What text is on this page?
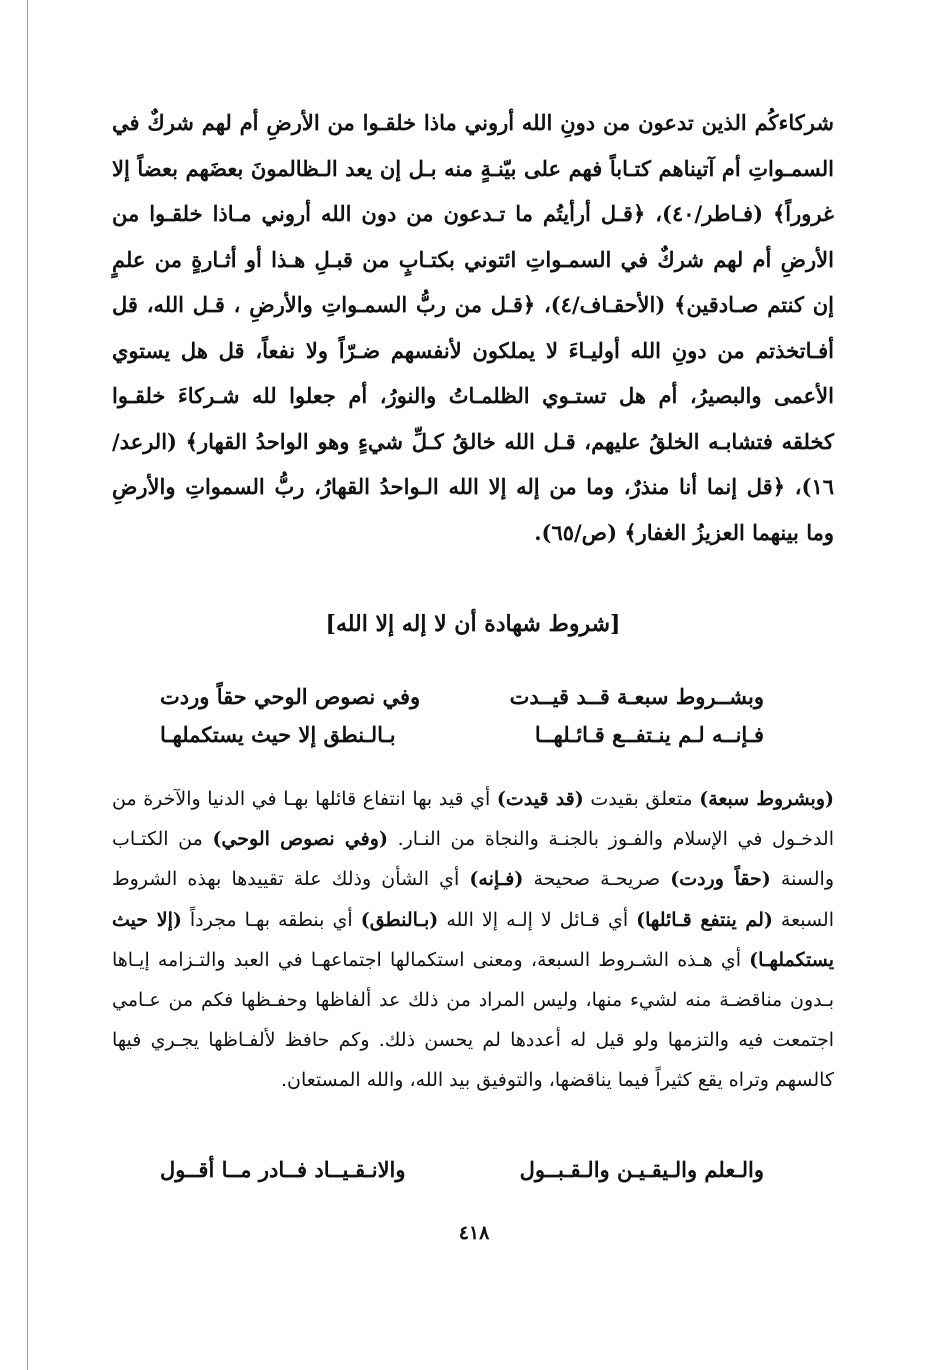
شركاءكُم الذين تدعون من دونِ الله أروني ماذا خلقـوا من الأرضِ أم لهم شركٌ في السمـواتِ أم آتيناهم كتـاباً فهم على بيّنـةٍ منه بـل إن يعد الـظالمونَ بعضَهم بعضاً إلا غروراً﴾ (فـاطر/٤٠)، ﴿قـل أرأيتُم ما تـدعون من دون الله أروني مـاذا خلقـوا من الأرضِ أم لهم شركٌ في السمـواتِ ائتوني بكتـابٍ من قبـلِ هـذا أو أثـارةٍ من علمٍ إن كنتم صـادقين﴾ (الأحقـاف/٤)، ﴿قـل من ربُّ السمـواتِ والأرضِ ، قـل الله، قل أفـاتخذتم من دونِ الله أوليـاءَ لا يملكون لأنفسهم ضـرّاً ولا نفعاً، قل هل يستوي الأعمى والبصيرُ، أم هل تستـوي الظلمـاتُ والنورُ، أم جعلوا لله شـركاءَ خلقـوا كخلقه فتشابـه الخلقُ عليهم، قـل الله خالقُ كـلِّ شيءٍ وهو الواحدُ القهار﴾ (الرعد/١٦)، ﴿قل إنما أنا منذرٌ، وما من إله إلا الله الـواحدُ القهارُ، ربُّ السمواتِ والأرضِ وما بينهما العزيزُ الغفار﴾ (ص/٦٥).

[شروط شهادة أن لا إله إلا الله]
وبشــروط سبعـة قــد قيــدت
وفي نصوص الوحي حقاً وردت
فـإنــه لـم ينـتفــع قـائـلهــا
بـالـنطق إلا حيث يستكملهـا

(وبشروط سبعة) متعلق بقيدت (قد قيدت) أي قيد بها انتفاع قائلها بهـا في الدنيا والآخرة من الدخـول في الإسلام والفـوز بالجنـة والنجاة من النـار. (وفي نصوص الوحي) من الكتـاب والسنة (حقاً وردت) صريحـة صحيحة (فـإنه) أي الشأن وذلك علة تقييدها بهذه الشروط السبعة (لم ينتفع قـائلها) أي قـائل لا إلـه إلا الله (بـالنطق) أي بنطقه بهـا مجرداً (إلا حيث يستكملهـا) أي هـذه الشـروط السبعة، ومعنى استكمالها اجتماعهـا في العبد والتـزامه إيـاها بـدون مناقضـة منه لشيء منها، وليس المراد من ذلك عد ألفاظها وحفـظها فكم من عـامي اجتمعت فيه والتزمها ولو قيل له أعددها لم يحسن ذلك. وكم حافظ لألفـاظها يجـري فيها كالسهم وتراه يقع كثيراً فيما يناقضها، والتوفيق بيد الله، والله المستعان.

والـعلم والـيقـيـن والـقـبــول
والانـقـيــاد فــادر مــا أقــول
٤١٨
